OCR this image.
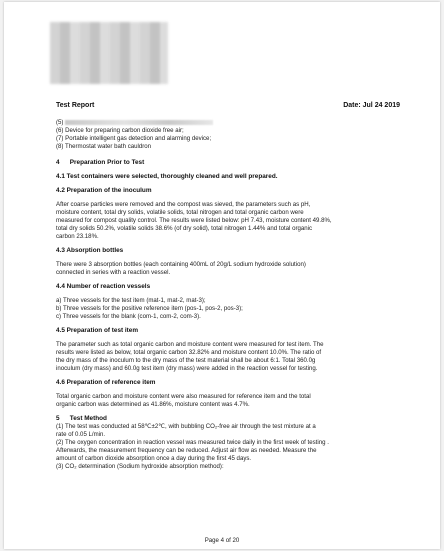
Test Report	Date: Jul 24 2019
(5)
(6) Device for preparing carbon dioxide free air;
(7) Portable intelligent gas detection and alarming device;
(8) Thermostat water bath cauldron
4 Preparation Prior to Test
4.1 Test containers were selected, thoroughly cleaned and well prepared.
4.2 Preparation of the inoculum
After coarse particles were removed and the compost was sieved, the parameters such as pH,
moisture content, total dry solids, volatile solids, total nitrogen and total organic carbon were
measured for compost quality control. The results were listed below: pH 7.43, moisture content 49.8%,
total dry solids 50.2%, volatile solids 38.6% (of dry solid), total nitrogen 1.44% and total organic
carbon 23.18%.
4.3 Absorption bottles
There were 3 absorption bottles (each containing 400mL of 20g/L sodium hydroxide solution)
connected in series with a reaction vessel.
4.4 Number of reaction vessels
a) Three vessels for the test item (mat-1, mat-2, mat-3);
b) Three vessels for the positive reference item (pos-1, pos-2, pos-3);
c) Three vessels for the blank (com-1, com-2, com-3).
4.5 Preparation of test item
The parameter such as total organic carbon and moisture content were measured for test item. The
results were listed as below, total organic carbon 32.82% and moisture content 10.0%. The ratio of
the dry mass of the inoculum to the dry mass of the test material shall be about 6:1. Total 360.0g
inoculum (dry mass) and 60.0g test item (dry mass) were added in the reaction vessel for testing.
4.6 Preparation of reference item
Total organic carbon and moisture content were also measured for reference item and the total
organic carbon was determined as 41.86%, moisture content was 4.7%.
5 Test Method
(1) The test was conducted at 58℃±2℃, with bubbling CO₂-free air through the test mixture at a
rate of 0.05 L/min.
(2) The oxygen concentration in reaction vessel was measured twice daily in the first week of testing .
Afterwards, the measurement frequency can be reduced. Adjust air flow as needed. Measure the
amount of carbon dioxide absorption once a day during the first 45 days.
(3) CO₂ determination (Sodium hydroxide absorption method):
Page 4 of 20
